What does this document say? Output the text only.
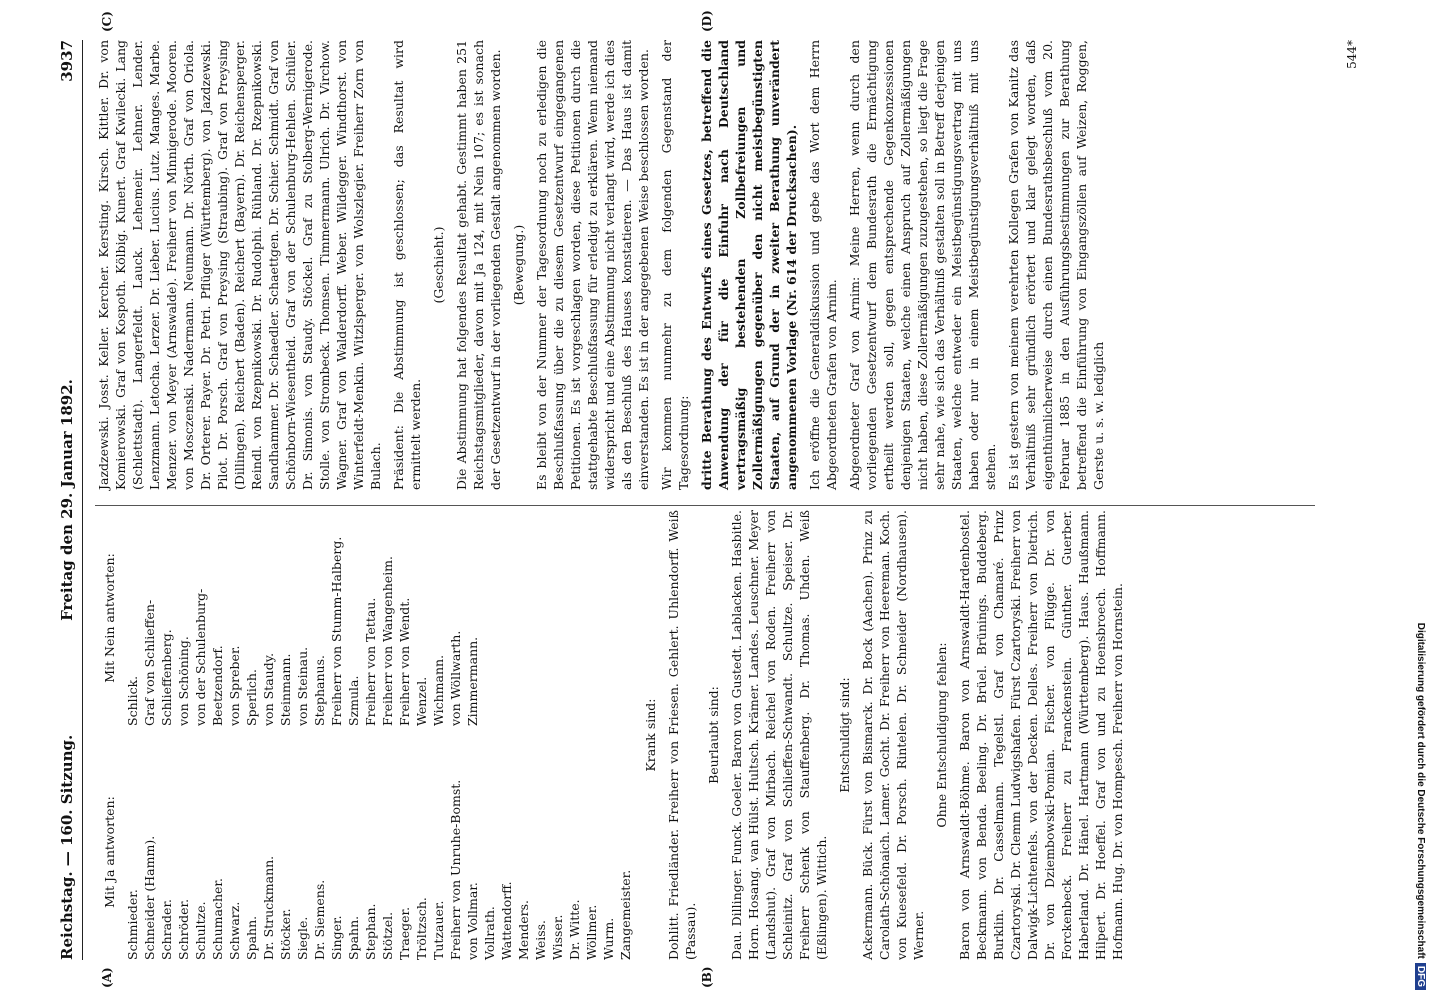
Reichstag. — 160. Sitzung.
Freitag den 29. Januar 1892.
3937
(A)	(B)
(C)	(D)
Mit Ja antworten:
Schmieder. Schneider (Hamm). Schrader. Schröder. Schultze. Schumacher. Schwarz. Spahn. Dr. Struckmann. Stöcker. Siegle. Dr. Siemens. Singer. Spahn. Stephan. Stötzel. Traeger. Tröltzsch. Tutzauer. Freiherr von Unruhe-Bomst. von Vollmar. Vollrath. Wattendorff. Menders. Weiss. Wisser. Dr. Witte. Wöllmer. Wurm. Zangemeister.
Mit Nein antworten:
Schlick. Graf von Schlieffen-Schlieffenberg. von Schöning. von der Schulenburg-Beetzendorf. von Spreber. Sperlich. von Staudy. Steinmann. von Steinau. Stephanus. Freiherr von Stumm-Halberg. Szmula. Freiherr von Tettau. Freiherr von Wangenheim. Freiherr von Wendt. Wenzel. Wichmann. von Wöllwarth. Zimmermann.
Krank sind: Dohlitt. Friedländer. Freiherr von Friesen. Gehlert. Uhlendorff. Weiß (Passau).

Beurlaubt sind: Dau. Dillinger. Funck. Goeler. Baron von Gustedt. Lablacken. Hasbitle. Horn. Hosang. van Hülst. Hultsch. Krämer. Landes. Leuschner. Meyer (Landshut). Graf von Mirbach. Reichel von Roden. Freiherr von Schleinitz. Graf von Schlieffen-Schwandt. Schultze. Speiser. Dr. Freiherr Schenk von Stauffenberg. Dr. Thomas. Uhden. Weiß (Eßlingen). Wittich.

Entschuldigt sind: Ackermann. Bück. Fürst von Bismarck. Dr. Bock (Aachen). Prinz zu Carolath-Schönaich. Lamer. Gocht. Dr. Freiherr von Heereman. Koch. von Kuesefeld. Dr. Porsch. Rintelen. Dr. Schneider (Nordhausen). Werner.

Ohne Entschuldigung fehlen: Baron von Arnswaldt-Böhme. Baron von Arnswaldt-Hardenbostel. Beckmann. von Benda. Beeling. Dr. Brüel. Brünings. Buddeberg. Burklin. Dr. Casselmann. Tegelstl. Graf von Chamaré. Prinz Czartoryski. Dr. Clemm Ludwigshafen. Fürst Czartoryski. Freiherr von Dalwigk-Lichtenfels. von der Decken. Delles. Freiherr von Dietrich. Dr. von Dziembowski-Pomian. Fischer. von Flügge. Dr. von Forckenbeck. Freiherr zu Franckenstein. Günther. Guerber. Haberland. Dr. Hänel. Hartmann (Württemberg). Haus. Haußmann. Hilpert. Dr. Hoeffel. Graf von und zu Hoensbroech. Hoffmann. Hofmann. Hug. Dr. von Hompesch. Freiherr von Hornstein.

Jazdzewski. Josst. Keller. Kercher. Kersting. Kirsch. Kittler. Dr. von Komierowski. Graf von Kospoth. Kölbig. Kunert. Graf Kwilecki. Lang (Schlettstadt). Langerfeldt. Lauck. Lehemeir. Lehner. Lender. Lenzmann. Letocha. Lerzer. Dr. Lieber. Lucius. Lutz. Manges. Marbe. Menzer. von Meyer (Arnswalde). Freiherr von Minnigerode. Mooren. von Mosczenski. Nadermann. Neumann. Dr. Nörth. Graf von Oriola. Dr. Orterer. Payer. Dr. Petri. Pflüger (Württemberg). von Jazdzewski. Pilot. Dr. Porsch. Graf von Preysing (Straubing). Graf von Preysing (Dillingen). Reichert (Baden). Reichert (Bayern). Dr. Reichensperger. Reindl. von Rzepnikowski. Dr. Rudolphi. Rühland. Dr. Rzepnikowski. Sandhammer. Dr. Schaedler. Schaettgen. Dr. Schier. Schmidt. Graf von Schönborn-Wiesentheid. Graf von der Schulenburg-Hehlen. Schüler. Dr. Simonis. von Staudy. Stöckel. Graf zu Stolberg-Wernigerode. Stolle. von Strombeck. Thomsen. Timmermann. Ulrich. Dr. Virchow. Wagner. Graf von Walderdorff. Weber. Wildegger. Windthorst. von Winterfeldt-Menkin. Witzlsperger. von Wolszlegier. Freiherr Zorn von Bulach. Präsident: Die Abstimmung ist geschlossen; das Resultat wird ermittelt werden.

(Geschieht.) Die Abstimmung hat folgendes Resultat gehabt. Gestimmt haben 251 Reichstagsmitglieder, davon mit Ja 124, mit Nein 107; es ist sonach der Gesetzentwurf in der vorliegenden Gestalt angenommen worden. (Bewegung.) Es bleibt von der Nummer der Tagesordnung noch zu erledigen die Beschlußfassung über die zu diesem Gesetzentwurf eingegangenen Petitionen. Es ist vorgeschlagen worden, diese Petitionen durch die stattgehabte Beschlußfassung für erledigt zu erklären. Wenn niemand widerspricht und eine Abstimmung nicht verlangt wird, werde ich dies als den Beschluß des Hauses konstatieren. — Das Haus ist damit einverstanden. Es ist in der angegebenen Weise beschlossen worden. Wir kommen nunmehr zu dem folgenden Gegenstand der Tagesordnung: dritte Berathung des Entwurfs eines Gesetzes, betreffend die Anwendung der für die Einfuhr nach Deutschland vertragsmäßig bestehenden Zollbefreiungen und Zollermäßigungen gegenüber den nicht meistbegünstigten Staaten, auf Grund der in zweiter Berathung unverändert angenommenen Vorlage (Nr. 614 der Drucksachen). Ich eröffne die Generaldiskussion und gebe das Wort dem Herrn Abgeordneten Grafen von Arnim. Abgeordneter Graf von Arnim: Meine Herren, wenn durch den vorliegenden Gesetzentwurf dem Bundesrath die Ermächtigung ertheilt werden soll, gegen entsprechende Gegenkonzessionen denjenigen Staaten, welche einen Anspruch auf Zollermäßigungen nicht haben, diese Zollermäßigungen zuzugestehen, so liegt die Frage sehr nahe, wie sich das Verhältniß gestalten soll in Betreff derjenigen Staaten, welche entweder ein Meistbegünstigungsvertrag mit uns haben oder nur in einem Meistbegünstigungsverhältniß mit uns stehen. Es ist gestern von meinem verehrten Kollegen Grafen von Kanitz das Verhältniß sehr gründlich erörtert und klar gelegt worden, daß eigenthümlicherweise durch einen Bundesrathsbeschluß vom 20. Februar 1885 in den Ausführungsbestimmungen zur Berathung betreffend die Einführung von Eingangszöllen auf Weizen, Roggen, Gerste u. s. w. lediglich

544*
Digitalisierung gefördert durch die Deutsche ForschungsgemeinschaftDFG
